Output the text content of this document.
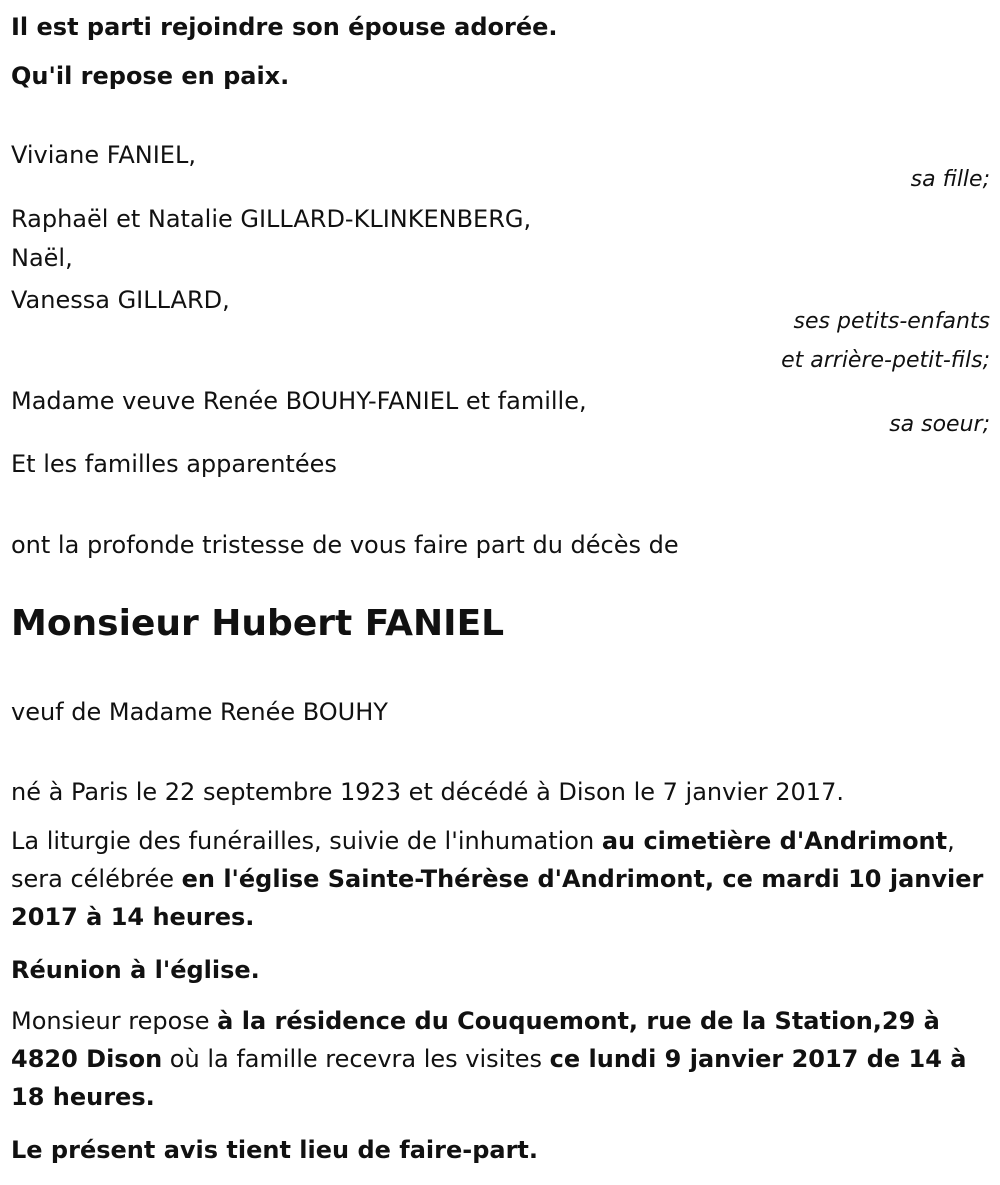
Il est parti rejoindre son épouse adorée.
Qu'il repose en paix.
Viviane FANIEL,
sa fille;
Raphaël et Natalie GILLARD-KLINKENBERG,
Naël,
Vanessa GILLARD,
ses petits-enfants
et arrière-petit-fils;
Madame veuve Renée BOUHY-FANIEL et famille,
sa soeur;
Et les familles apparentées
ont la profonde tristesse de vous faire part du décès de
Monsieur Hubert FANIEL
veuf de Madame Renée BOUHY
né à Paris le 22 septembre 1923 et décédé à Dison le 7 janvier 2017.
La liturgie des funérailles, suivie de l'inhumation au cimetière d'Andrimont, sera célébrée en l'église Sainte-Thérèse d'Andrimont, ce mardi 10 janvier 2017 à 14 heures.
Réunion à l'église.
Monsieur repose à la résidence du Couquemont, rue de la Station,29 à 4820 Dison où la famille recevra les visites ce lundi 9 janvier 2017 de 14 à 18 heures.
Le présent avis tient lieu de faire-part.
